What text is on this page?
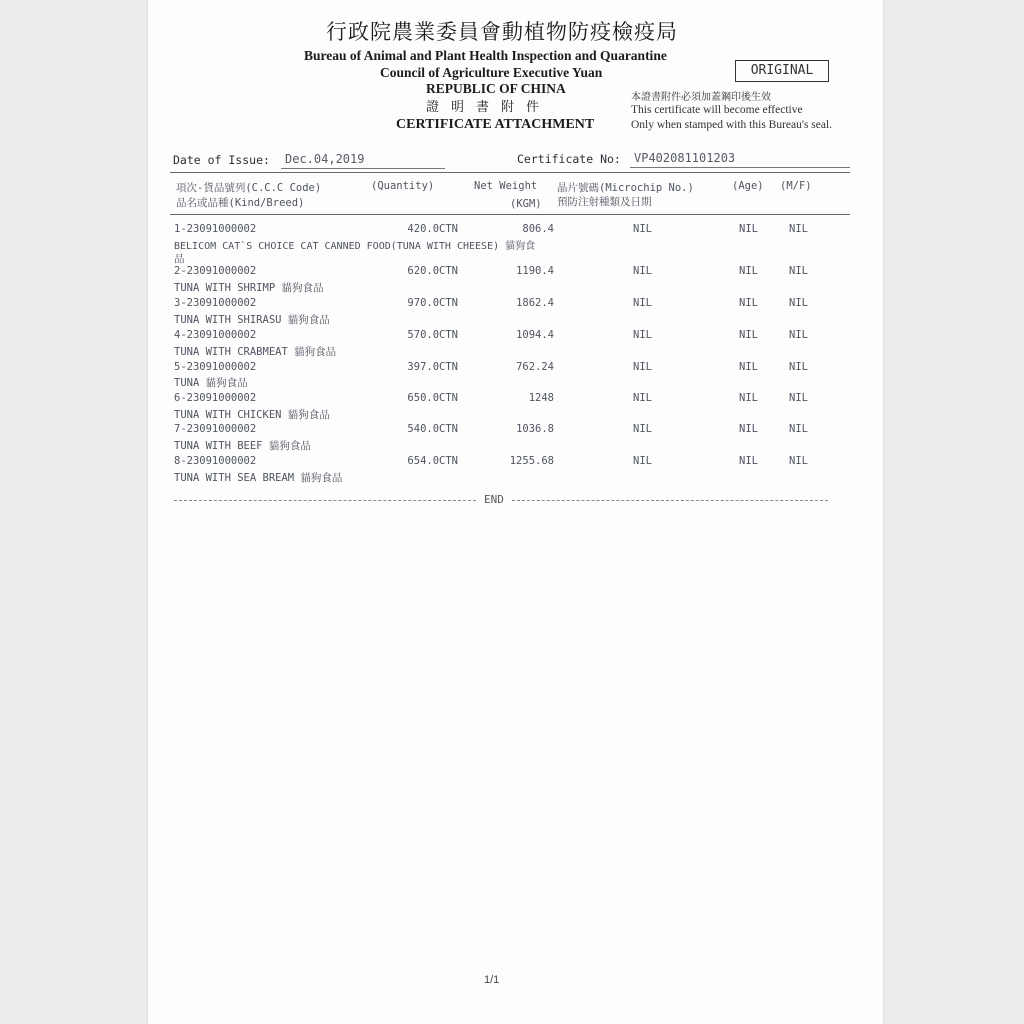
行政院農業委員會動植物防疫檢疫局
Bureau of Animal and Plant Health Inspection and Quarantine
Council of Agriculture Executive Yuan
REPUBLIC OF CHINA
證明書附件
CERTIFICATE ATTACHMENT
ORIGINAL
本證書附件必須加蓋鋼印後生效
This certificate will become effective
Only when stamped with this Bureau's seal.
Date of Issue: Dec.04,2019	Certificate No: VP402081101203
項次-貨品號列(C.C.C Code)
品名或品種(Kind/Breed)
(Quantity)	Net Weight
(KGM)
晶片號碼(Microchip No.)
預防注射種類及日期
(Age) (M/F)
1-23091000002	420.0CTN	806.4	NIL	NIL	NIL
BELICOM CAT`S CHOICE CAT CANNED FOOD(TUNA WITH CHEESE) 貓狗食
品
2-23091000002	620.0CTN	1190.4	NIL	NIL	NIL
TUNA WITH SHRIMP 貓狗食品
3-23091000002	970.0CTN	1862.4	NIL	NIL	NIL
TUNA WITH SHIRASU 貓狗食品
4-23091000002	570.0CTN	1094.4	NIL	NIL	NIL
TUNA WITH CRABMEAT 貓狗食品
5-23091000002	397.0CTN	762.24	NIL	NIL	NIL
TUNA 貓狗食品
6-23091000002	650.0CTN	1248	NIL	NIL	NIL
TUNA WITH CHICKEN 貓狗食品
7-23091000002	540.0CTN	1036.8	NIL	NIL	NIL
TUNA WITH BEEF 貓狗食品
8-23091000002	654.0CTN	1255.68	NIL	NIL	NIL
TUNA WITH SEA BREAM 貓狗食品
END
1/1
